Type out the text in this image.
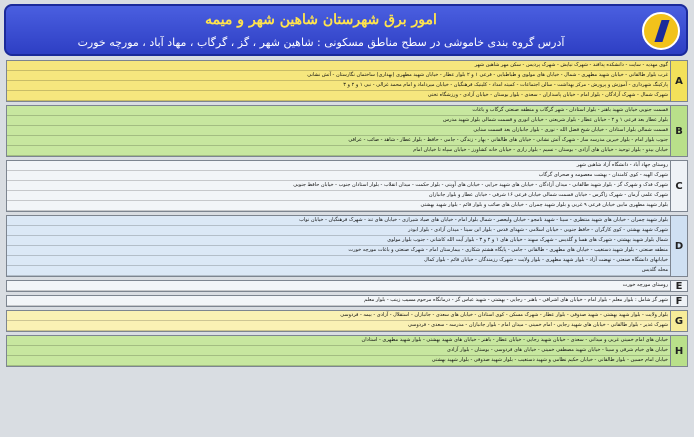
امور برق شهرستان شاهین شهر و میمه
آدرس گروه بندی خاموشی در سطح مناطق مسکونی : شاهین شهر ، گز ، گرگاب ، مهاد آباد ، مورچه خورت
گوی مهدیه - سایت - دانشکده پدافند - شهرک نیایش - شهرک پردیس - سکن مهر شاهین شهر
غرب بلوار طالقانی - خیابان شهید مطهری - شمال - خیابان های مولوی و طباطبایی - فرعی ۱ و ۲ بلوار عطار - خیابان شهید مطهری (بهداری) ساختمان نگارستان - آتش نشانی
پارکینگ شهرداری - آموزش و پرورش - مرکز بهداشت - سالن اجتماعات - کمیته امداد - کلینیک فرهنگیان - خیابان میرداماد و امام محمد غزالی - نبی ۱ و ۲ و ۳
شهرک شمال - شهرک آزادگان - بلوار امام - خیابان پاسداران - سعدی - بلوار بوستان - خیابان آزادی - ورزشگاه تختی
A
قسمت جنوبی خیابان شهید باهنر - بلوار استادان - شهر گرگاب و منطقه صنعتی گرگاب و باغات
بلوار عطار بعد فرعی ۱ و ۲ - خیابان عطار - بلوار شریعتی - خیابان انوری و قسمت شمالی بلوار شهید مدرس
قسمت شمالی بلوار استادان - خیابان شیخ فضل الله - نوری - بلوار جانبازان بعد قسمت سنایی
جنوب بلوار امام - بلوار خیرین مدرسه ساز - شهرک آتش نشانی - خیابان های طالقانی - بهار - زندگی - جامی - حافظ - بلوار عطار - شاهد - صائب - عراقی
خیابان بیدو - بلوار توحید - خیابان های آزادی - بوستان - نسیم - بلوار رازی - خیابان خانه کشاورز - خیابان سپاه تا خیابان امام
B
روستای جهاد آباد - دانشگاه آزاد شاهین شهر
شهرک الهیه - کوی کامندان - بهشت معصومه و صحرای گرگاب
شهرک فدک و شهرک گز - بلوار شهید طالقانی - میدان آزادگان - خیابان های شهید حرایی - خیابان های آوینی - بلوار حکمت - میدان انقلاب - بلوار استادان جنوب - خیابان حافظ جنوبی
شهرک علمی آرمان - شهرک زاگرس - خیابان قسمت شمالی خیابان فرعی ۱۶ شرقی - خیابان عطار و بلوار جانبازان
بلوار شهید مطهری مابین خیابان فرعی ۹ غربی و بلوار شهید چمران - خیابان های صائب و بلوار قائم - بلوار شهید بهشتی
C
بلوار شهید چمران - خیابان های شهید منتظری - سینا - شهید نامجو - خیابان ولیعصر - شمال بلوار امام - خیابان های صیاد شیرازی - خیابان های تند - شهرک فرهنگیان - خیابان نواب
شهرک شهید بهشتی - کوی کارگران - حافظ جنوبی - خیابان اسلامی - شهدای قدس - بلوار ابن سینا - میدان آزادی - بلوار ابوذر
شمال بلوار شهید بهشتی - شهرک های هسا و گلدیس - شهرک سهند - خیابان های ۱ و ۲ و ۳ - بلوار آیت الله کاشانی - جنوب بلوار مولوی
منطقه صنعتی - بلوار شهید دستغیب - خیابان های مطهری - طالقانی - جامی - پایگاه هشتم شکاری - بیمارستان امام - شهرک صنعتی و باغات مورچه خورت
خیابانهای دانشگاه صنعتی - نهضت آزاد - بلوار شهید مطهری - بلوار ولایت - شهرک رزمندگان - خیابان قائم - بلوار کمال
محله گلدیس
D
روستای مورچه خورت E
شهر گز شامل : بلوار معلم - بلوار امام - خیابان های اشراقی - باهنر - رجایی - بهشتی - شهید عباس گز - درمانگاه مرحوم مسیب زینب - بلوار معلم F
بلوار ولایت - بلوار شهید بهشتی - شهید صدوقی - بلوار عطار - شهرک مسکن - کوی استادان - خیابان های سعدی - جانبازان - استقلال - آزادی - بیمه - فردوسی
شهرک غدیر - بلوار طالقانی - خیابان های شهید رجایی - امام خمینی - میدان امام - بلوار جانبازان - مدرسه - سعدی - فردوسی G
خیابان های امام خمینی غربی و میدانی - سعدی - خیابان شهید رجایی - خیابان عطار - باهنر - خیابان های شهید بهشتی - بلوار شهید مطهری - استادان
خیابان های خیام شرقی و سینا - خیابان شهید مصطفی خمینی - خیابان های فردوسی - بوستان - بلوار آزادی
خیابان امام حسین - بلوار طالقانی - خیابان حکیم نظامی و شهید دستغیب - بلوار شهید صدوقی - بلوار شهید بهشتی
H
